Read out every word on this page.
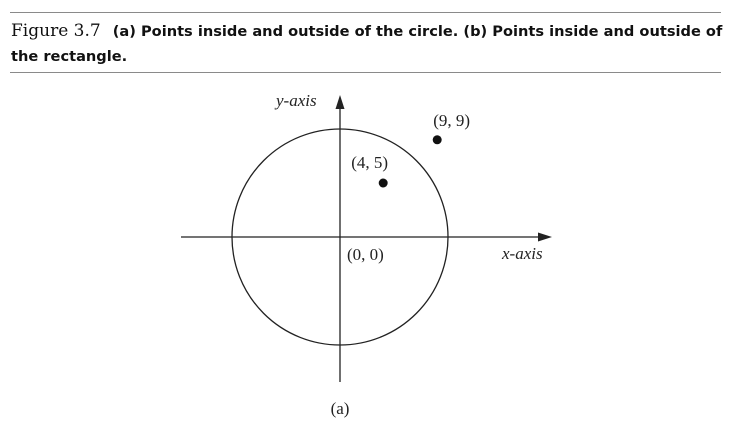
Figure 3.7 (a) Points inside and outside of the circle. (b) Points inside and outside of the rectangle.
y-axis
x-axis
(0, 0)
(4, 5)
(9, 9)
(a)
